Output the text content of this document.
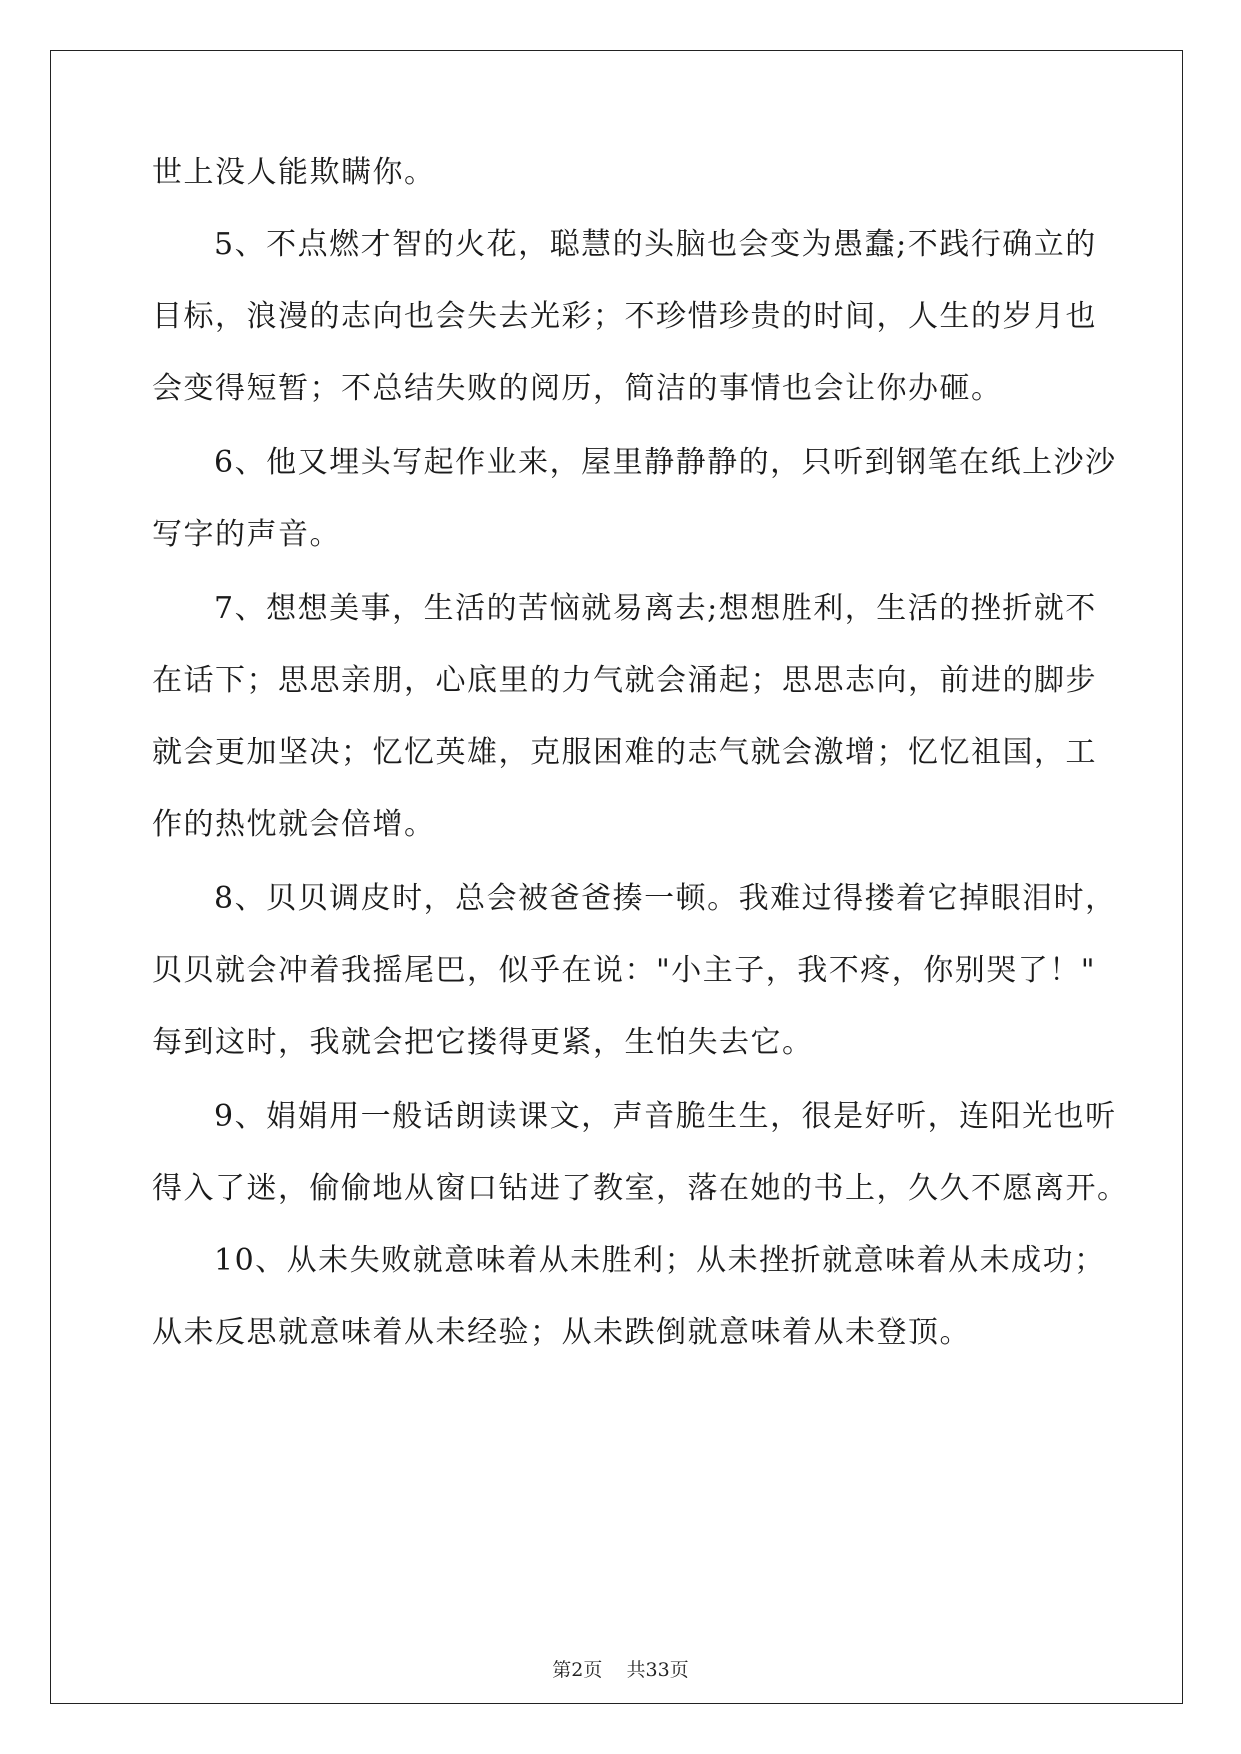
世上没人能欺瞒你。

5、不点燃才智的火花，聪慧的头脑也会变为愚蠢;不践行确立的

目标，浪漫的志向也会失去光彩；不珍惜珍贵的时间，人生的岁月也

会变得短暂；不总结失败的阅历，简洁的事情也会让你办砸。

6、他又埋头写起作业来，屋里静静静的，只听到钢笔在纸上沙沙

写字的声音。

7、想想美事，生活的苦恼就易离去;想想胜利，生活的挫折就不

在话下；思思亲朋，心底里的力气就会涌起；思思志向，前进的脚步

就会更加坚决；忆忆英雄，克服困难的志气就会激增；忆忆祖国，工

作的热忱就会倍增。

8、贝贝调皮时，总会被爸爸揍一顿。我难过得搂着它掉眼泪时，

贝贝就会冲着我摇尾巴，似乎在说："小主子，我不疼，你别哭了！"

每到这时，我就会把它搂得更紧，生怕失去它。

9、娟娟用一般话朗读课文，声音脆生生，很是好听，连阳光也听

得入了迷，偷偷地从窗口钻进了教室，落在她的书上，久久不愿离开。

10、从未失败就意味着从未胜利；从未挫折就意味着从未成功；

从未反思就意味着从未经验；从未跌倒就意味着从未登顶。

第2页    共33页
